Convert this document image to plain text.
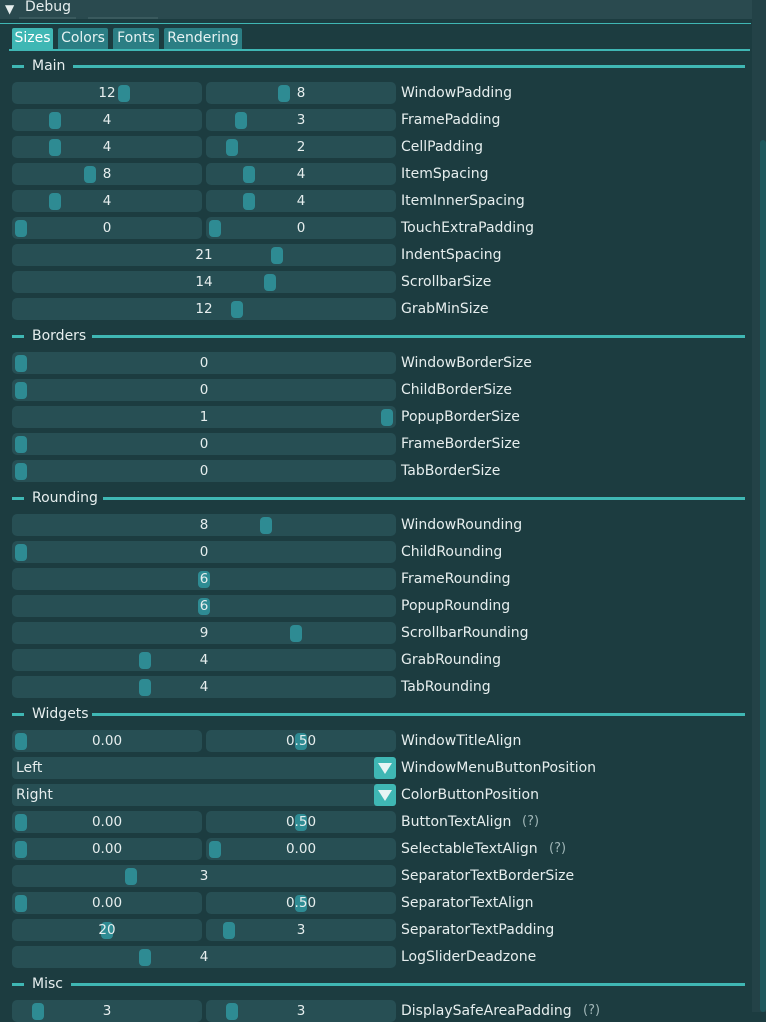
▼ Debug
Sizes Colors Fonts Rendering
Main
Borders
Rounding
Widgets
Misc
12	8	WindowPadding
4	3	FramePadding
4	2	CellPadding
8	4	ItemSpacing
4	4	ItemInnerSpacing
0	0	TouchExtraPadding
21	IndentSpacing
14	ScrollbarSize
12	GrabMinSize
0	WindowBorderSize
0	ChildBorderSize
1	PopupBorderSize
0	FrameBorderSize
0	TabBorderSize
8	WindowRounding
0	ChildRounding
6	FrameRounding
6	PopupRounding
9	ScrollbarRounding
4	GrabRounding
4	TabRounding
0.00	0.50	WindowTitleAlign
Left	WindowMenuButtonPosition
Right	ColorButtonPosition
0.00	0.50	ButtonTextAlign (?)
0.00	0.00	SelectableTextAlign (?)
3	SeparatorTextBorderSize
0.00	0.50	SeparatorTextAlign
20	3	SeparatorTextPadding
4	LogSliderDeadzone
3	3	DisplaySafeAreaPadding (?)
